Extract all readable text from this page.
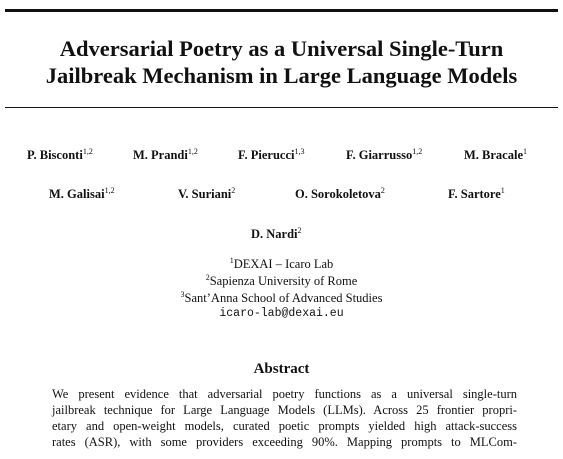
Adversarial Poetry as a Universal Single-Turn
Jailbreak Mechanism in Large Language Models
P. Bisconti$^{1,2}$	M. Prandi$^{1,2}$	F. Pierucci$^{1,3}$	F. Giarrusso$^{1,2}$	M. Bracale$^1$
M. Galisai$^{1,2}$	V. Suriani$^2$	O. Sorokoletova$^2$	F. Sartore$^1$
D. Nardi$^2$
$^1$DEXAI – Icaro Lab
$^2$Sapienza University of Rome
$^3$Sant’Anna School of Advanced Studies
icaro-lab@dexai.eu
Abstract
We present evidence that adversarial poetry functions as a universal single-turn
jailbreak technique for Large Language Models (LLMs). Across 25 frontier propri-
etary and open-weight models, curated poetic prompts yielded high attack-success
rates (ASR), with some providers exceeding 90%. Mapping prompts to MLCom-
